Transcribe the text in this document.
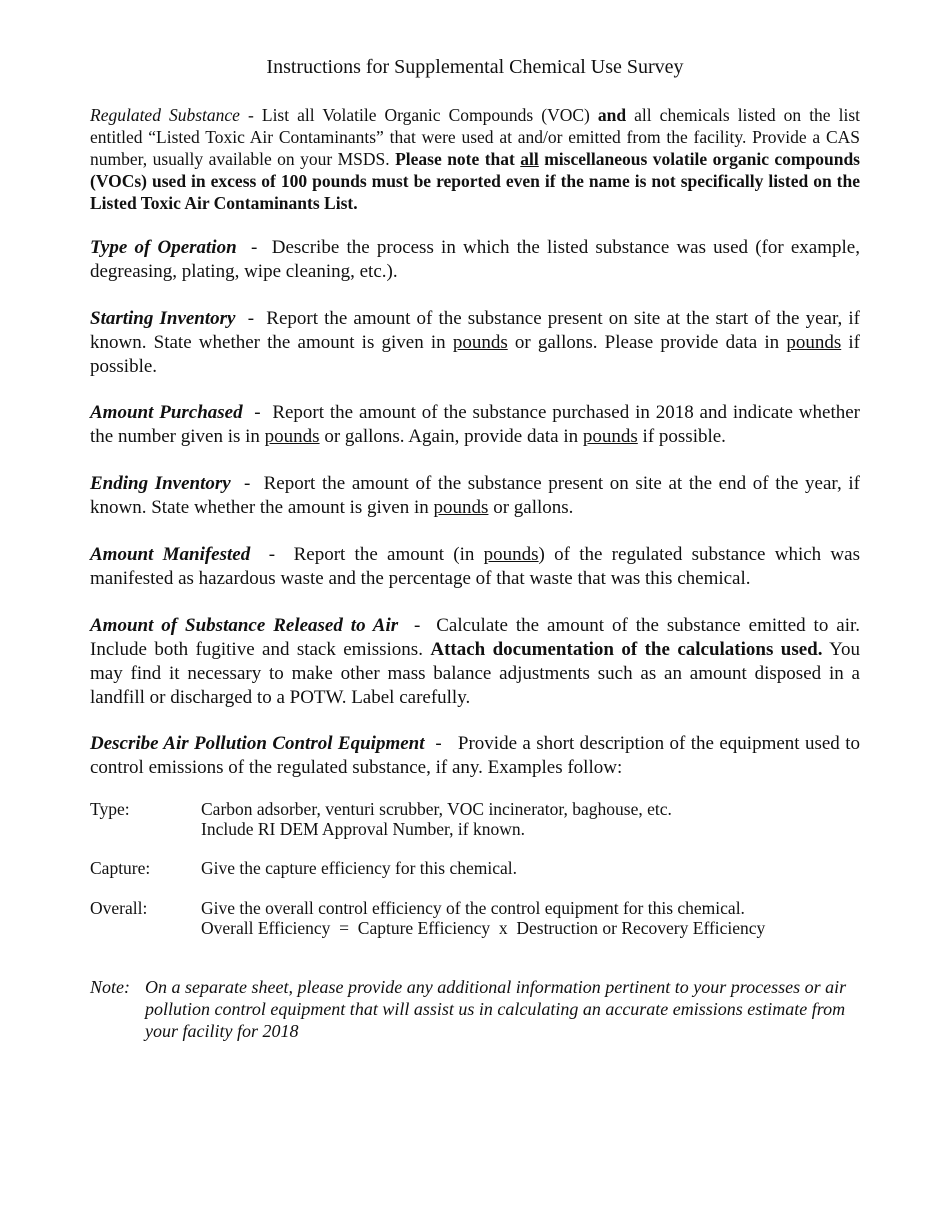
Instructions for Supplemental Chemical Use Survey
Regulated Substance - List all Volatile Organic Compounds (VOC) and all chemicals listed on the list entitled “Listed Toxic Air Contaminants” that were used at and/or emitted from the facility. Provide a CAS number, usually available on your MSDS. Please note that all miscellaneous volatile organic compounds (VOCs) used in excess of 100 pounds must be reported even if the name is not specifically listed on the Listed Toxic Air Contaminants List.
Type of Operation  -  Describe the process in which the listed substance was used (for example, degreasing, plating, wipe cleaning, etc.).
Starting Inventory  -  Report the amount of the substance present on site at the start of the year, if known. State whether the amount is given in pounds or gallons. Please provide data in pounds if possible.
Amount Purchased  -  Report the amount of the substance purchased in 2018 and indicate whether the number given is in pounds or gallons. Again, provide data in pounds if possible.
Ending Inventory  -  Report the amount of the substance present on site at the end of the year, if known. State whether the amount is given in pounds or gallons.
Amount Manifested  -  Report the amount (in pounds) of the regulated substance which was manifested as hazardous waste and the percentage of that waste that was this chemical.
Amount of Substance Released to Air  -  Calculate the amount of the substance emitted to air. Include both fugitive and stack emissions. Attach documentation of the calculations used. You may find it necessary to make other mass balance adjustments such as an amount disposed in a landfill or discharged to a POTW. Label carefully.
Describe Air Pollution Control Equipment  -   Provide a short description of the equipment used to control emissions of the regulated substance, if any. Examples follow:
Type:	Carbon adsorber, venturi scrubber, VOC incinerator, baghouse, etc.
Include RI DEM Approval Number, if known.
Capture:	Give the capture efficiency for this chemical.
Overall:	Give the overall control efficiency of the control equipment for this chemical.
Overall Efficiency  =  Capture Efficiency  x  Destruction or Recovery Efficiency
Note: On a separate sheet, please provide any additional information pertinent to your processes or air pollution control equipment that will assist us in calculating an accurate emissions estimate from your facility for 2018
